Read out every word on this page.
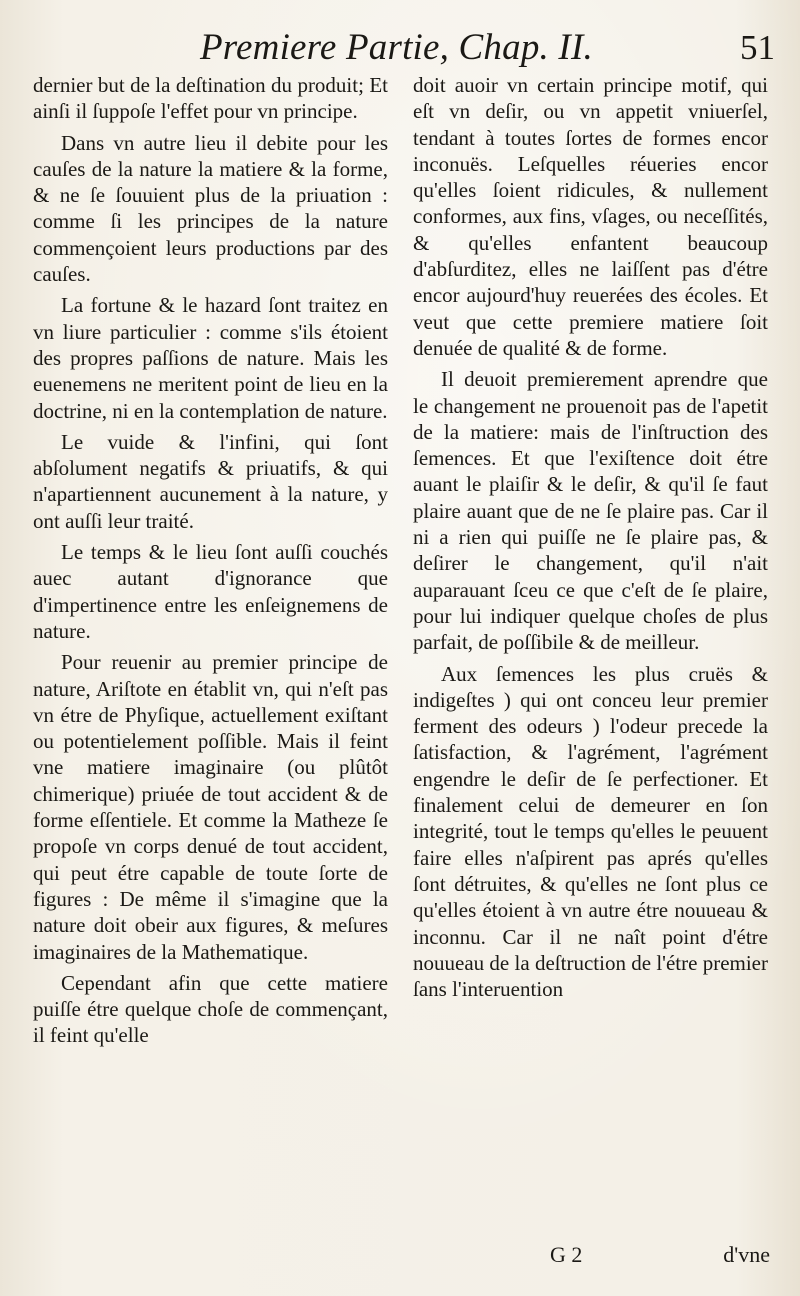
Premiere Partie, Chap. II.	51

dernier but de la deſtination du produit; Et ainſi il ſuppoſe l'effet pour vn principe.

Dans vn autre lieu il debite pour les cauſes de la nature la matiere & la forme, & ne ſe ſouuient plus de la priuation : comme ſi les principes de la nature commençoient leurs productions par des cauſes.

La fortune & le hazard ſont traitez en vn liure particulier : comme s'ils étoient des propres paſſions de nature. Mais les euenemens ne meritent point de lieu en la doctrine, ni en la contemplation de nature.

Le vuide & l'infini, qui ſont abſolument negatifs & priuatifs, & qui n'apartiennent aucunement à la nature, y ont auſſi leur traité.

Le temps & le lieu ſont auſſi couchés auec autant d'ignorance que d'impertinence entre les enſeignemens de nature.

Pour reuenir au premier principe de nature, Ariſtote en établit vn, qui n'eſt pas vn étre de Phyſique, actuellement exiſtant ou potentielement poſſible. Mais il feint vne matiere imaginaire (ou plûtôt chimerique) priuée de tout accident & de forme eſſentiele. Et comme la Matheze ſe propoſe vn corps denué de tout accident, qui peut étre capable de toute ſorte de figures : De même il s'imagine que la nature doit obeir aux figures, & meſures imaginaires de la Mathematique.

Cependant afin que cette matiere puiſſe étre quelque choſe de commençant, il feint qu'elle

doit auoir vn certain principe motif, qui eſt vn deſir, ou vn appetit vniuerſel, tendant à toutes ſortes de formes encor inconuës. Leſquelles réueries encor qu'elles ſoient ridicules, & nullement conformes, aux fins, vſages, ou neceſſités, & qu'elles enfantent beaucoup d'abſurditez, elles ne laiſſent pas d'étre encor aujourd'huy reuerées des écoles. Et veut que cette premiere matiere ſoit denuée de qualité & de forme.

Il deuoit premierement aprendre que le changement ne prouenoit pas de l'apetit de la matiere: mais de l'inſtruction des ſemences. Et que l'exiſtence doit étre auant le plaiſir & le deſir, & qu'il ſe faut plaire auant que de ne ſe plaire pas. Car il ni a rien qui puiſſe ne ſe plaire pas, & deſirer le changement, qu'il n'ait auparauant ſceu ce que c'eſt de ſe plaire, pour lui indiquer quelque choſes de plus parfait, de poſſibile & de meilleur.

Aux ſemences les plus cruës & indigeſtes ) qui ont conceu leur premier ferment des odeurs ) l'odeur precede la ſatisfaction, & l'agrément, l'agrément engendre le deſir de ſe perfectioner. Et finalement celui de demeurer en ſon integrité, tout le temps qu'elles le peuuent faire elles n'aſpirent pas aprés qu'elles ſont détruites, & qu'elles ne ſont plus ce qu'elles étoient à vn autre étre nouueau & inconnu. Car il ne naît point d'étre nouueau de la deſtruction de l'étre premier ſans l'interuention

G 2	d'vne
